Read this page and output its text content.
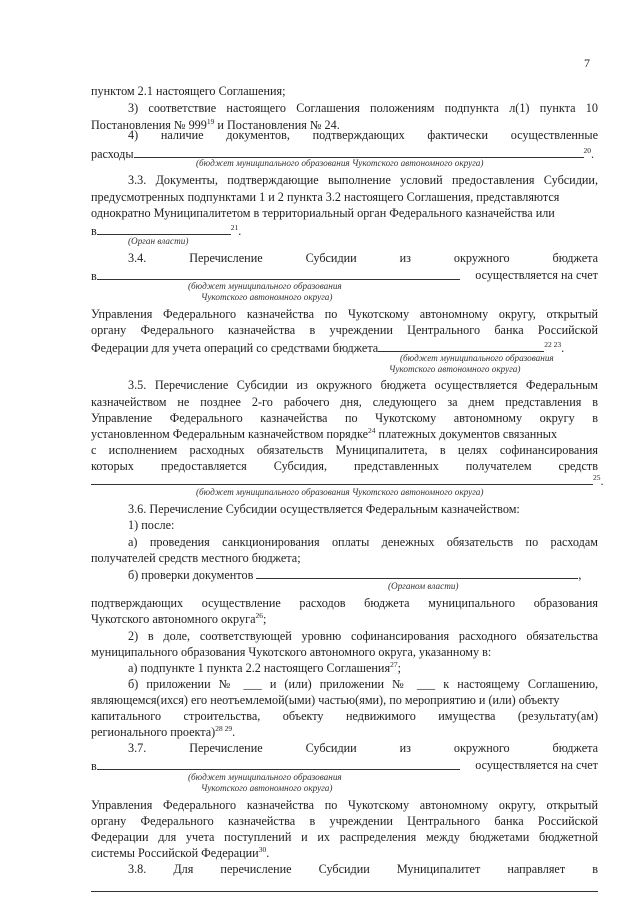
7
пунктом 2.1 настоящего Соглашения;
3) соответствие настоящего Соглашения положениям подпункта л(1) пункта 10
Постановления № $999^{19}$ и Постановления № 24.
4) наличие документов, подтверждающих фактически осуществленные
расходы	$^{20}$.
(бюджет муниципального образования Чукотского автономного округа)
3.3. Документы, подтверждающие выполнение условий предоставления Субсидии,
предусмотренных подпунктами 1 и 2 пункта 3.2 настоящего Соглашения, представляются
однократно Муниципалитетом в территориальный орган Федерального казначейства или
в	$^{21}$.
(Орган власти)
3.4. Перечисление Субсидии из окружного бюджета
в	осуществляется на счет
(бюджет муниципального образования
Чукотского автономного округа)
Управления Федерального казначейства по Чукотскому автономному округу, открытый
органу Федерального казначейства в учреждении Центрального банка Российской
Федерации для учета операций со средствами бюджета	$^{22 23}$.
(бюджет муниципального образования
Чукотского автономного округа)
3.5. Перечисление Субсидии из окружного бюджета осуществляется Федеральным
казначейством не позднее 2-го рабочего дня, следующего за днем представления в
Управление Федерального казначейства по Чукотскому автономному округу в
установленном Федеральным казначейством порядке$^{24}$ платежных документов связанных
с исполнением расходных обязательств Муниципалитета, в целях софинансирования
которых предоставляется Субсидия, представленных получателем средств
$^{25}$.
(бюджет муниципального образования Чукотского автономного округа)
3.6. Перечисление Субсидии осуществляется Федеральным казначейством:
1) после:
а) проведения санкционирования оплаты денежных обязательств по расходам
получателей средств местного бюджета;
б) проверки документов	,
(Органом власти)
подтверждающих осуществление расходов бюджета муниципального образования
Чукотского автономного округа$^{26}$;
2) в доле, соответствующей уровню софинансирования расходного обязательства
муниципального образования Чукотского автономного округа, указанному в:
а) подпункте 1 пункта 2.2 настоящего Соглашения$^{27}$;
б) приложении № ___ и (или) приложении № ___ к настоящему Соглашению,
являющемся(ихся) его неотъемлемой(ыми) частью(ями), по мероприятию и (или) объекту
капитального строительства, объекту недвижимого имущества (результату(ам)
регионального проекта)$^{28 29}$.
3.7. Перечисление Субсидии из окружного бюджета
в	осуществляется на счет
(бюджет муниципального образования
Чукотского автономного округа)
Управления Федерального казначейства по Чукотскому автономному округу, открытый
органу Федерального казначейства в учреждении Центрального банка Российской
Федерации для учета поступлений и их распределения между бюджетами бюджетной
системы Российской Федерации$^{30}$.
3.8. Для перечисление Субсидии Муниципалитет направляет в
